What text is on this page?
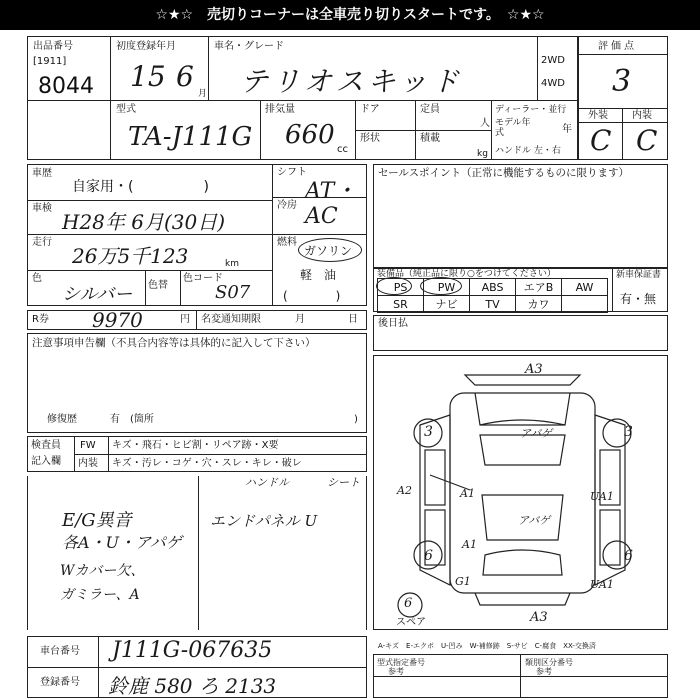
☆★☆　売切りコーナーは全車売り切りスタートです。　☆★☆
出品番号
[1911]
8044
初度登録年月
15 6
月
車名・グレード
テリオスキッド
2WD
4WD
評価点
3
型式
TA-J111G
排気量
660 cc
ドア	定員
人
形状	積載
kg
ディーラー・並行
モデル年式	年
ハンドル 左・右
外装 内装
C C
車歴
自家用・(　　　　　)
車検
H28年 6月(30日)
走行
26万5千123	km
色
シルバー 色替
色コード
S07
シフト
AT・
冷房 AC
燃料
ガソリン
軽　油
(　　　　)
R券 9970	円 名変通知期限	月	日
注意事項申告欄（不具合内容等は具体的に記入して下さい）
修復歴	有　(箇所	)
検査員
記入欄
FW キズ・飛石・ヒビ割・リペア跡・X要
内装 キズ・汚レ・コゲ・穴・スレ・キレ・破レ
ハンドル	シート
E/G異音
各A・U・アパゲ
Wカバー欠、
ガミラー、A
エンドパネル U
セールスポイント（正常に機能するものに限ります）
装備品（純正品に限り○をつけてください）	新車保証書
有・無
PS	PW	ABS	エアB	AW
SR	ナビ	TV	カワ	
後日払
A3
アバゲ
3	3
A2	A1	UA1
アバゲ
6
A1
6
A3
G1	UA1
6
スペア
A-キズ　E-エクボ　U-凹み　W-補修跡　S-サビ　C-腐食　XX-交換済
車台番号 J111G-067635
登録番号 鈴鹿 580 ろ 2133
型式指定番号
参考
類別区分番号
参考
